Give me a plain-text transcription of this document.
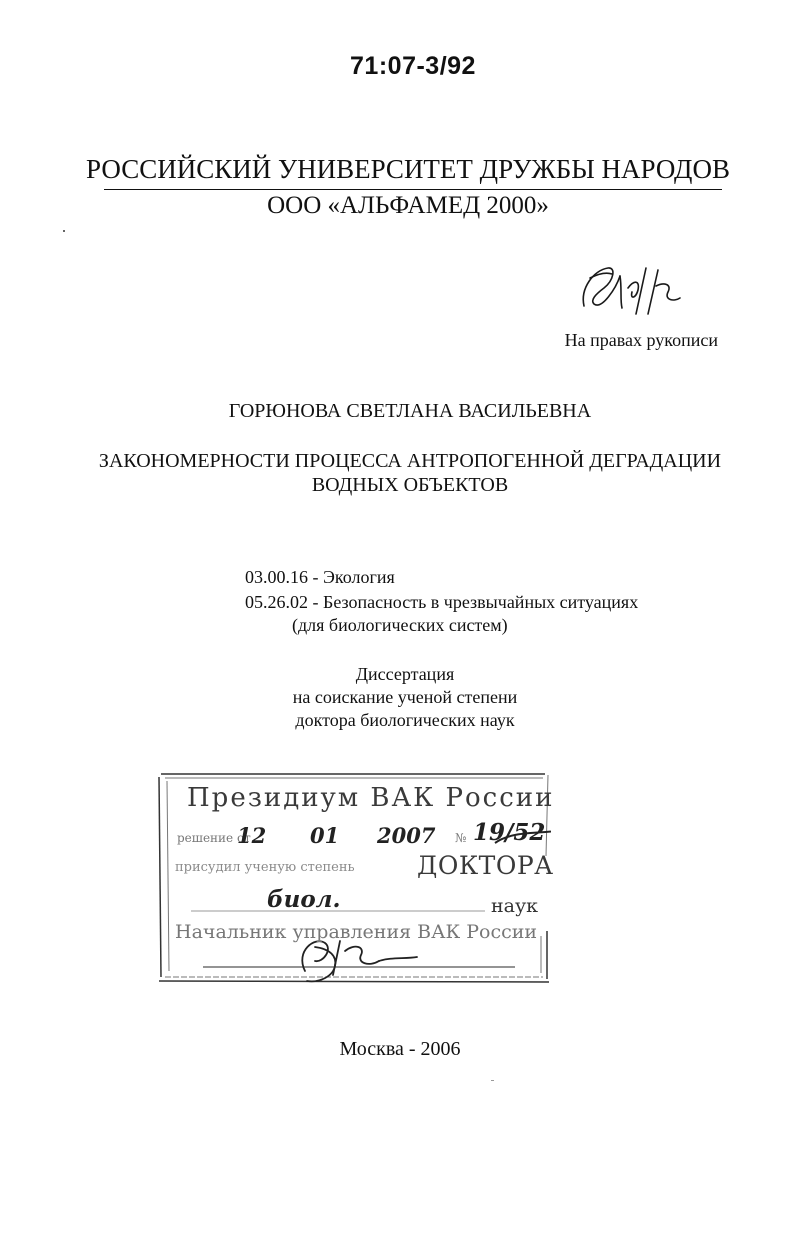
71:07-3/92
РОССИЙСКИЙ УНИВЕРСИТЕТ ДРУЖБЫ НАРОДОВ
ООО «АЛЬФАМЕД 2000»
На правах рукописи
ГОРЮНОВА СВЕТЛАНА ВАСИЛЬЕВНА
ЗАКОНОМЕРНОСТИ ПРОЦЕССА АНТРОПОГЕННОЙ ДЕГРАДАЦИИ
ВОДНЫХ ОБЪЕКТОВ
03.00.16 - Экология
05.26.02 - Безопасность в чрезвычайных ситуациях
(для биологических систем)
Диссертация
на соискание ученой степени
доктора биологических наук
Президиум ВАК России
решение от
12 01 2007 № 19/52
присудил ученую степень ДОКТОРА
биол.	наук
Начальник управления ВАК России
Москва - 2006
